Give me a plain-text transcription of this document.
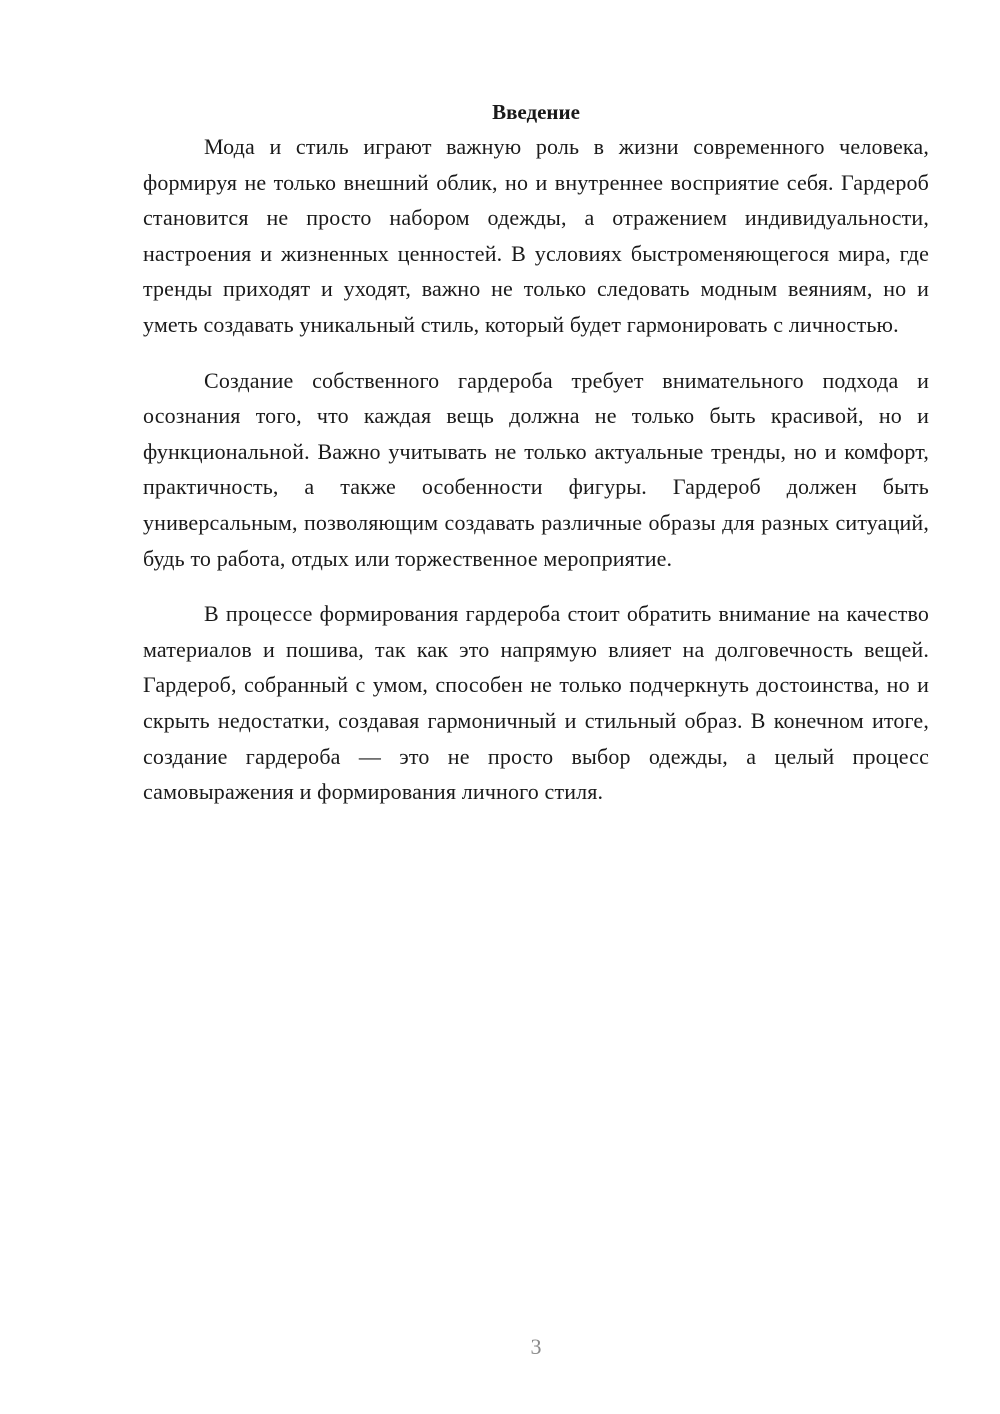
Введение

Мода и стиль играют важную роль в жизни современного человека, формируя не только внешний облик, но и внутреннее восприятие себя. Гардероб становится не просто набором одежды, а отражением индивидуальности, настроения и жизненных ценностей. В условиях быстроменяющегося мира, где тренды приходят и уходят, важно не только следовать модным веяниям, но и уметь создавать уникальный стиль, который будет гармонировать с личностью.

Создание собственного гардероба требует внимательного подхода и осознания того, что каждая вещь должна не только быть красивой, но и функциональной. Важно учитывать не только актуальные тренды, но и комфорт, практичность, а также особенности фигуры. Гардероб должен быть универсальным, позволяющим создавать различные образы для разных ситуаций, будь то работа, отдых или торжественное мероприятие.

В процессе формирования гардероба стоит обратить внимание на качество материалов и пошива, так как это напрямую влияет на долговечность вещей. Гардероб, собранный с умом, способен не только подчеркнуть достоинства, но и скрыть недостатки, создавая гармоничный и стильный образ. В конечном итоге, создание гардероба — это не просто выбор одежды, а целый процесс самовыражения и формирования личного стиля.

3
